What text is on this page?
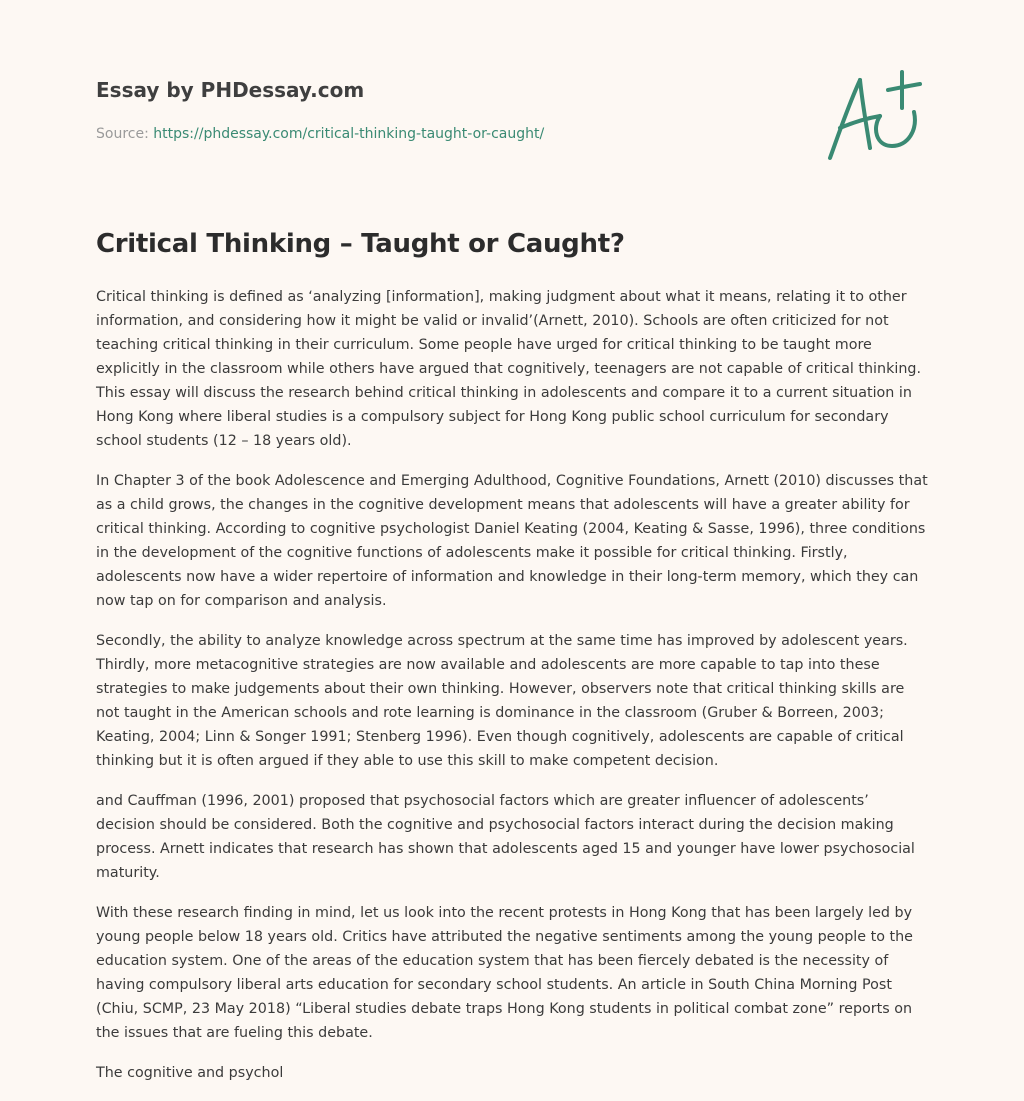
Essay by PHDessay.com
Source: https://phdessay.com/critical-thinking-taught-or-caught/
Critical Thinking – Taught or Caught?

Critical thinking is defined as ‘analyzing [information], making judgment about what it means, relating it to other information, and considering how it might be valid or invalid’(Arnett, 2010). Schools are often criticized for not teaching critical thinking in their curriculum. Some people have urged for critical thinking to be taught more explicitly in the classroom while others have argued that cognitively, teenagers are not capable of critical thinking. This essay will discuss the research behind critical thinking in adolescents and compare it to a current situation in Hong Kong where liberal studies is a compulsory subject for Hong Kong public school curriculum for secondary school students (12 – 18 years old).

In Chapter 3 of the book Adolescence and Emerging Adulthood, Cognitive Foundations, Arnett (2010) discusses that as a child grows, the changes in the cognitive development means that adolescents will have a greater ability for critical thinking. According to cognitive psychologist Daniel Keating (2004, Keating & Sasse, 1996), three conditions in the development of the cognitive functions of adolescents make it possible for critical thinking. Firstly, adolescents now have a wider repertoire of information and knowledge in their long-term memory, which they can now tap on for comparison and analysis.

Secondly, the ability to analyze knowledge across spectrum at the same time has improved by adolescent years. Thirdly, more metacognitive strategies are now available and adolescents are more capable to tap into these strategies to make judgements about their own thinking. However, observers note that critical thinking skills are not taught in the American schools and rote learning is dominance in the classroom (Gruber & Borreen, 2003; Keating, 2004; Linn & Songer 1991; Stenberg 1996). Even though cognitively, adolescents are capable of critical thinking but it is often argued if they able to use this skill to make competent decision.

and Cauffman (1996, 2001) proposed that psychosocial factors which are greater influencer of adolescents’ decision should be considered. Both the cognitive and psychosocial factors interact during the decision making process. Arnett indicates that research has shown that adolescents aged 15 and younger have lower psychosocial maturity.

With these research finding in mind, let us look into the recent protests in Hong Kong that has been largely led by young people below 18 years old. Critics have attributed the negative sentiments among the young people to the education system. One of the areas of the education system that has been fiercely debated is the necessity of having compulsory liberal arts education for secondary school students. An article in South China Morning Post (Chiu, SCMP, 23 May 2018) “Liberal studies debate traps Hong Kong students in political combat zone” reports on the issues that are fueling this debate.

The cognitive and psychol
